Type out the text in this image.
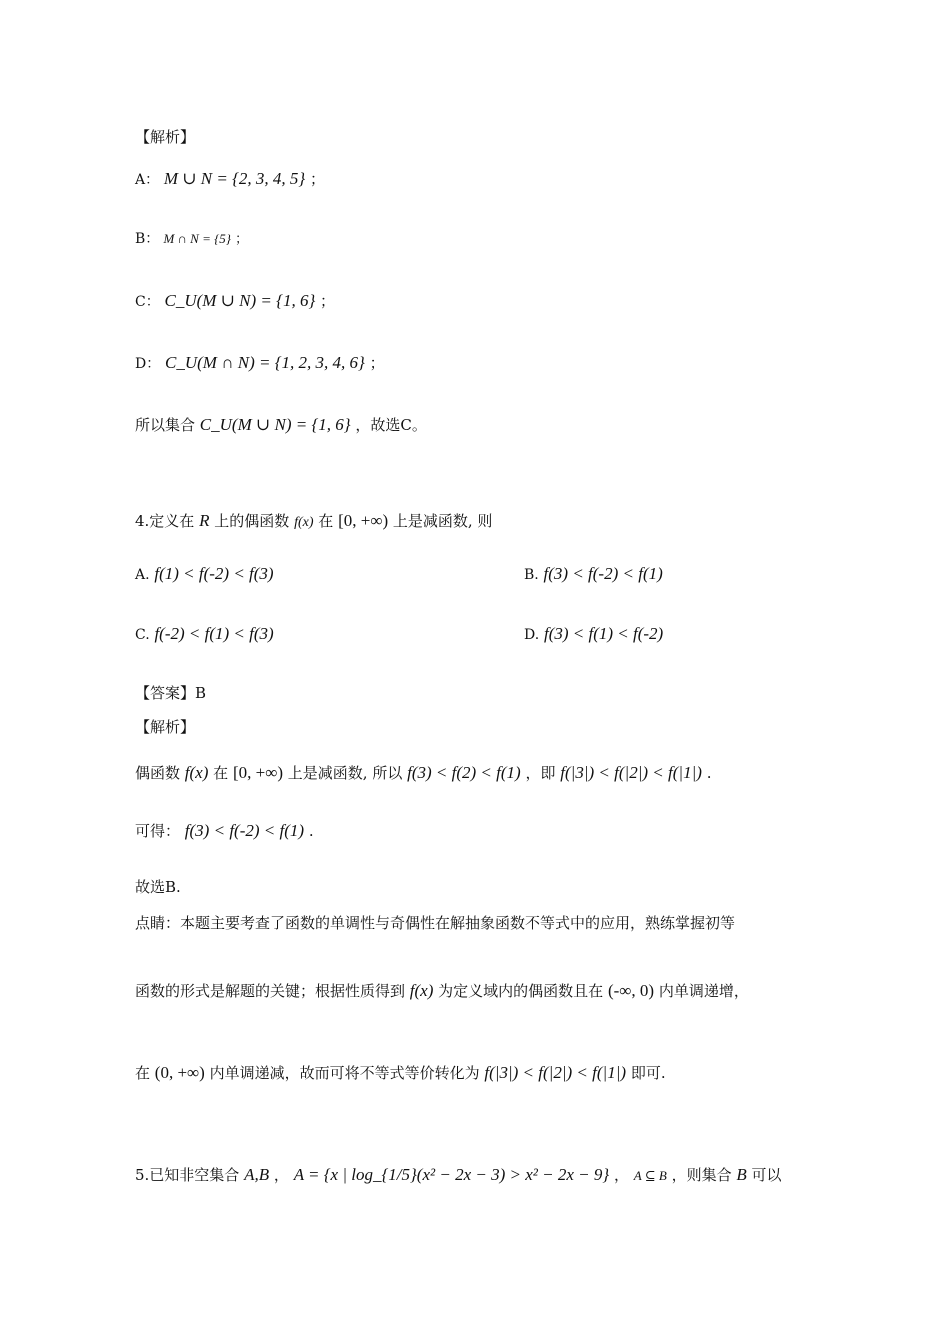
【解析】
A： M ∪ N = {2, 3, 4, 5} ；
B： M ∩ N = {5} ；
C： C_U(M ∪ N) = {1, 6} ；
D： C_U(M ∩ N) = {1, 2, 3, 4, 6} ；
所以集合 C_U(M ∪ N) = {1, 6} ，故选C。
4.定义在 R 上的偶函数 f(x) 在 [0, +∞) 上是减函数, 则
A. f(1) < f(-2) < f(3)	B. f(3) < f(-2) < f(1)
C. f(-2) < f(1) < f(3)	D. f(3) < f(1) < f(-2)
【答案】B
【解析】
偶函数 f(x) 在 [0, +∞) 上是减函数, 所以 f(3) < f(2) < f(1) ，即 f(|3|) < f(|2|) < f(|1|) .
可得： f(3) < f(-2) < f(1) .
故选B.
点睛：本题主要考查了函数的单调性与奇偶性在解抽象函数不等式中的应用，熟练掌握初等
函数的形式是解题的关键；根据性质得到 f(x) 为定义域内的偶函数且在 (-∞, 0) 内单调递增，
在 (0, +∞) 内单调递减，故而可将不等式等价转化为 f(|3|) < f(|2|) < f(|1|) 即可.
5.已知非空集合 A,B ， A = {x | log_{1/5}(x² − 2x − 3) > x² − 2x − 9} ， A ⊆ B ，则集合 B 可以
